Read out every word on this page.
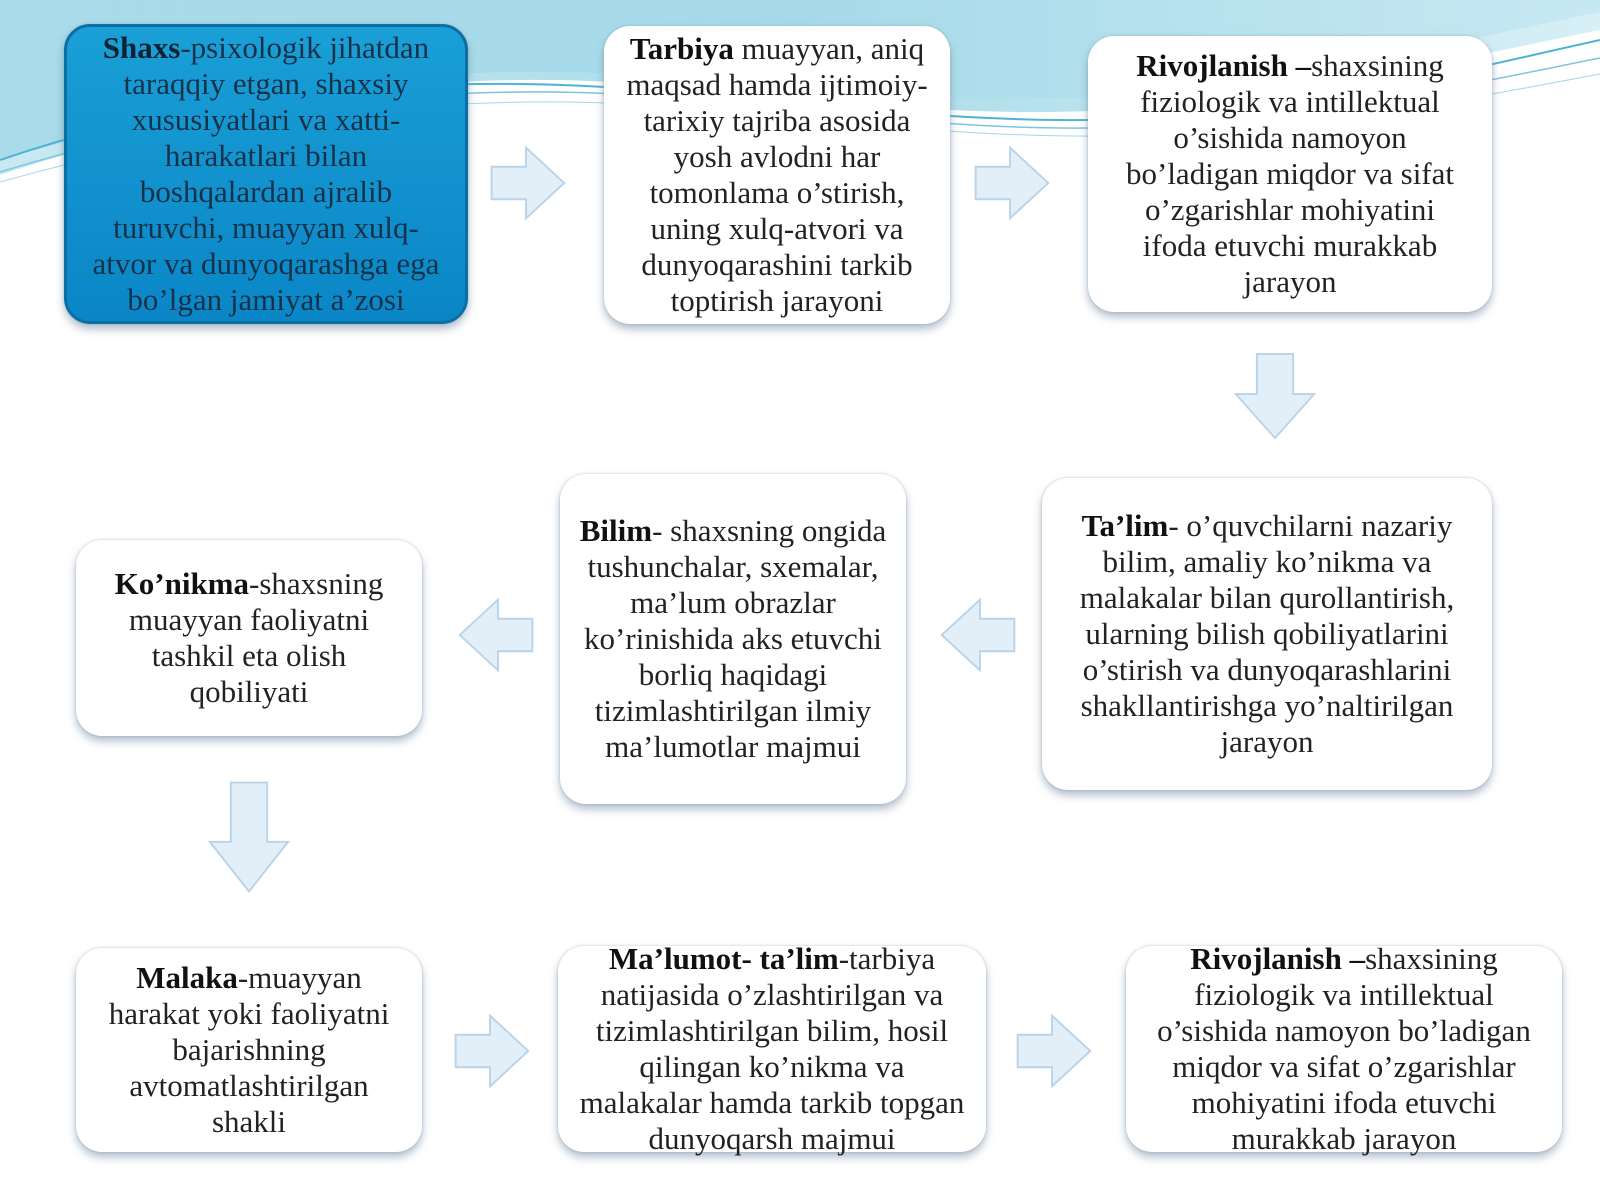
Shaxs-psixologik jihatdan taraqqiy etgan, shaxsiy xususiyatlari va xatti-harakatlari bilan boshqalardan ajralib turuvchi, muayyan xulq-atvor va dunyoqarashga ega bo’lgan jamiyat a’zosi
Tarbiya muayyan, aniq maqsad hamda ijtimoiy-tarixiy tajriba asosida yosh avlodni har tomonlama o’stirish, uning xulq-atvori va dunyoqarashini tarkib toptirish jarayoni
Rivojlanish –shaxsining fiziologik va intillektual o’sishida namoyon bo’ladigan miqdor va sifat o’zgarishlar mohiyatini ifoda etuvchi murakkab jarayon
Ta’lim- o’quvchilarni nazariy bilim, amaliy ko’nikma va malakalar bilan qurollantirish, ularning bilish qobiliyatlarini o’stirish va dunyoqarashlarini shakllantirishga yo’naltirilgan jarayon
Bilim- shaxsning ongida tushunchalar, sxemalar, ma’lum obrazlar ko’rinishida aks etuvchi borliq haqidagi tizimlashtirilgan ilmiy ma’lumotlar majmui
Ko’nikma-shaxsning muayyan faoliyatni tashkil eta olish qobiliyati
Malaka-muayyan harakat yoki faoliyatni bajarishning avtomatlashtirilgan shakli
Ma’lumot- ta’lim-tarbiya natijasida o’zlashtirilgan va tizimlashtirilgan bilim, hosil qilingan ko’nikma va malakalar hamda tarkib topgan dunyoqarsh majmui
Rivojlanish –shaxsining fiziologik va intillektual o’sishida namoyon bo’ladigan miqdor va sifat o’zgarishlar mohiyatini ifoda etuvchi murakkab jarayon
